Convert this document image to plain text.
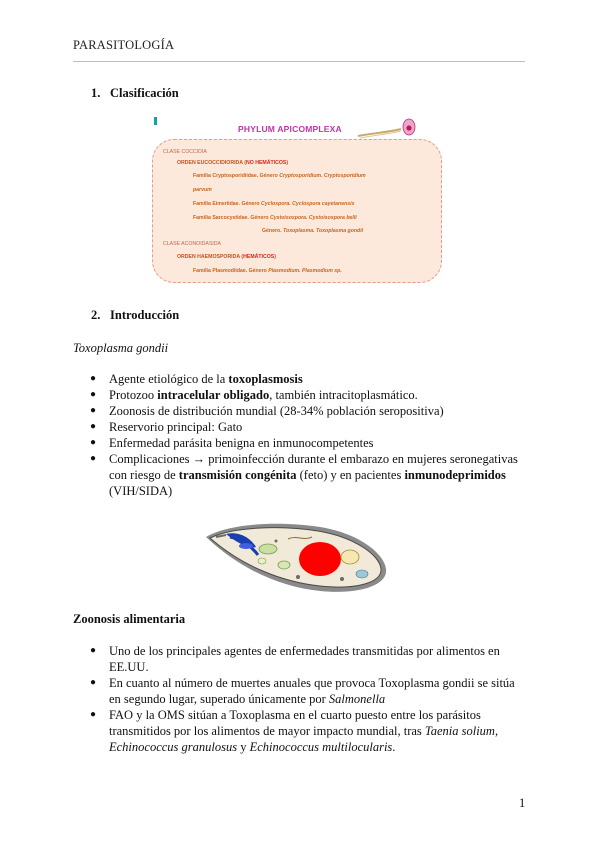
PARASITOLOGÍA
1. Clasificación
PHYLUM APICOMPLEXA
CLASE COCCIDIA
ORDEN EUCOCCIDIORIDA (NO HEMÁTICOS)
Familia Cryptosporidiidae. Género Cryptosporidium. Cryptosporidium
parvum
Familia Eimeriidae. Género Cyclospora. Cyclospora cayetanensis
Familia Sarcocystidae. Género Cystoisospora. Cystoisospora belli
Género. Toxoplasma. Toxoplasma gondii
CLASE ACONOIDASIDA
ORDEN HAEMOSPORIDA (HEMÁTICOS)
Familia Plasmodiidae. Género Plasmodium. Plasmodium sp.
2. Introducción
Toxoplasma gondii
● Agente etiológico de la toxoplasmosis
● Protozoo intracelular obligado, también intracitoplasmático.
● Zoonosis de distribución mundial (28-34% población seropositiva)
● Reservorio principal: Gato
● Enfermedad parásita benigna en inmunocompetentes
● Complicaciones → primoinfección durante el embarazo en mujeres seronegativas con riesgo de transmisión congénita (feto) y en pacientes inmunodeprimidos (VIH/SIDA)
Zoonosis alimentaria
● Uno de los principales agentes de enfermedades transmitidas por alimentos en EE.UU.
● En cuanto al número de muertes anuales que provoca Toxoplasma gondii se sitúa en segundo lugar, superado únicamente por Salmonella
● FAO y la OMS sitúan a Toxoplasma en el cuarto puesto entre los parásitos transmitidos por los alimentos de mayor impacto mundial, tras Taenia solium, Echinococcus granulosus y Echinococcus multilocularis.
1
